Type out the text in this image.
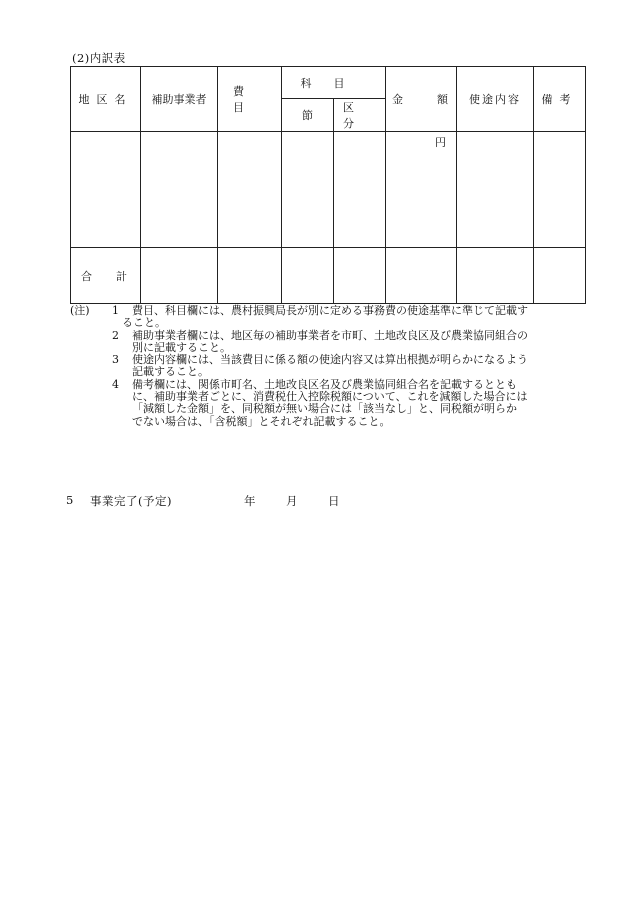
(2)内訳表
地区名	補助事業者	費目	科目		金 額	使途内容	備考
			節	区分			
					円		
合 計							
(注)	1	費目、科目欄には、農村振興局長が別に定める事務費の使途基準に準じて記載す
ること。
2	補助事業者欄には、地区毎の補助事業者を市町、土地改良区及び農業協同組合の
別に記載すること。
3	使途内容欄には、当該費目に係る額の使途内容又は算出根拠が明らかになるよう
記載すること。
4	備考欄には、関係市町名、土地改良区名及び農業協同組合名を記載するととも
に、補助事業者ごとに、消費税仕入控除税額について、これを減額した場合には
「減額した金額」を、同税額が無い場合には「該当なし」と、同税額が明らか
でない場合は、「含税額」とそれぞれ記載すること。
5	事業完了(予定)	年	月	日
